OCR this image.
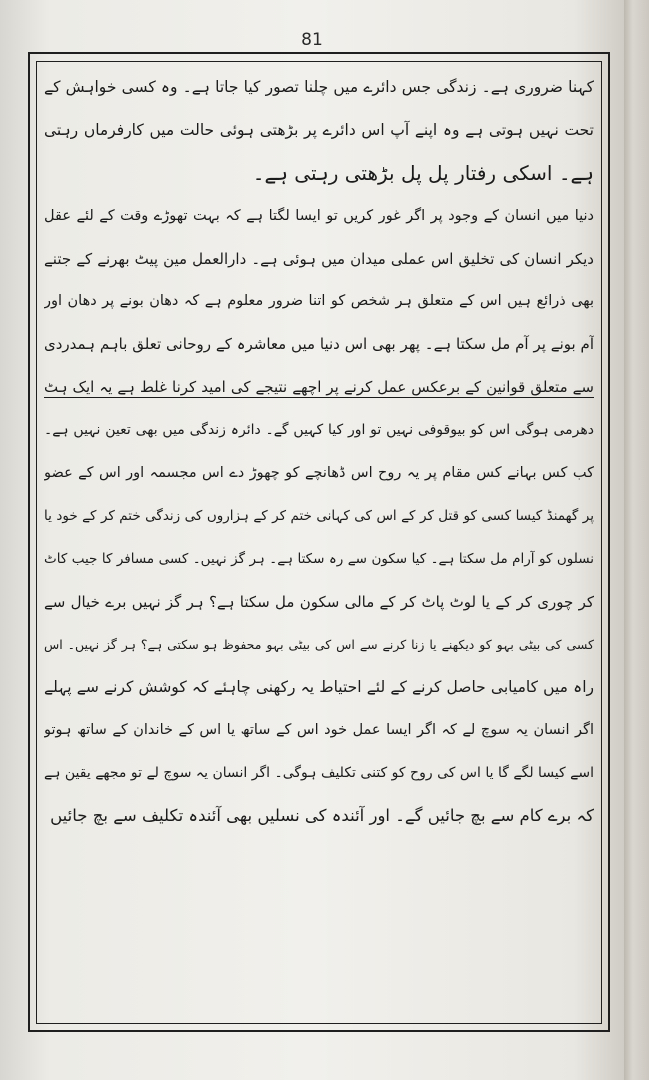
81
کہنا ضروری ہے۔ زندگی جس دائرے میں چلنا تصور کیا جاتا ہے۔ وہ کسی خواہش کے
تحت نہیں ہوتی ہے وہ اپنے آپ اس دائرے پر بڑھتی ہوئی حالت میں کارفرماں رہتی
ہے۔ اسکی رفتار پل پل بڑھتی رہتی ہے۔
دنیا میں انسان کے وجود پر اگر غور کریں تو ایسا لگتا ہے کہ بہت تھوڑے وقت کے لئے عقل
دیکر انسان کی تخلیق اس عملی میدان میں ہوئی ہے۔ دارالعمل مین پیٹ بھرنے کے جتنے
بھی ذرائع ہیں اس کے متعلق ہر شخص کو اتنا ضرور معلوم ہے کہ دھان بونے پر دھان اور
آم بونے پر آم مل سکتا ہے۔ پھر بھی اس دنیا میں معاشرہ کے روحانی تعلق باہم ہمدردی
سے متعلق قوانین کے برعکس عمل کرنے پر اچھے نتیجے کی امید کرنا غلط ہے یہ ایک ہٹ
دھرمی ہوگی اس کو بیوقوفی نہیں تو اور کیا کہیں گے۔ دائرہ زندگی میں بھی تعین نہیں ہے۔
کب کس بہانے کس مقام پر یہ روح اس ڈھانچے کو چھوڑ دے اس مجسمہ اور اس کے عضو
پر گھمنڈ کیسا کسی کو قتل کر کے اس کی کہانی ختم کر کے ہزاروں کی زندگی ختم کر کے خود یا
نسلوں کو آرام مل سکتا ہے۔ کیا سکون سے رہ سکتا ہے۔ ہر گز نہیں۔ کسی مسافر کا جیب کاٹ
کر چوری کر کے یا لوٹ پاٹ کر کے مالی سکون مل سکتا ہے؟ ہر گز نہیں برے خیال سے
کسی کی بیٹی بہو کو دیکھنے یا زنا کرنے سے اس کی بیٹی بہو محفوظ ہو سکتی ہے؟ ہر گز نہیں۔ اس
راہ میں کامیابی حاصل کرنے کے لئے احتیاط یہ رکھنی چاہئے کہ کوشش کرنے سے پہلے
اگر انسان یہ سوچ لے کہ اگر ایسا عمل خود اس کے ساتھ یا اس کے خاندان کے ساتھ ہوتو
اسے کیسا لگے گا یا اس کی روح کو کتنی تکلیف ہوگی۔ اگر انسان یہ سوچ لے تو مجھے یقین ہے
کہ برے کام سے بچ جائیں گے۔ اور آئندہ کی نسلیں بھی آئندہ تکلیف سے بچ جائیں
